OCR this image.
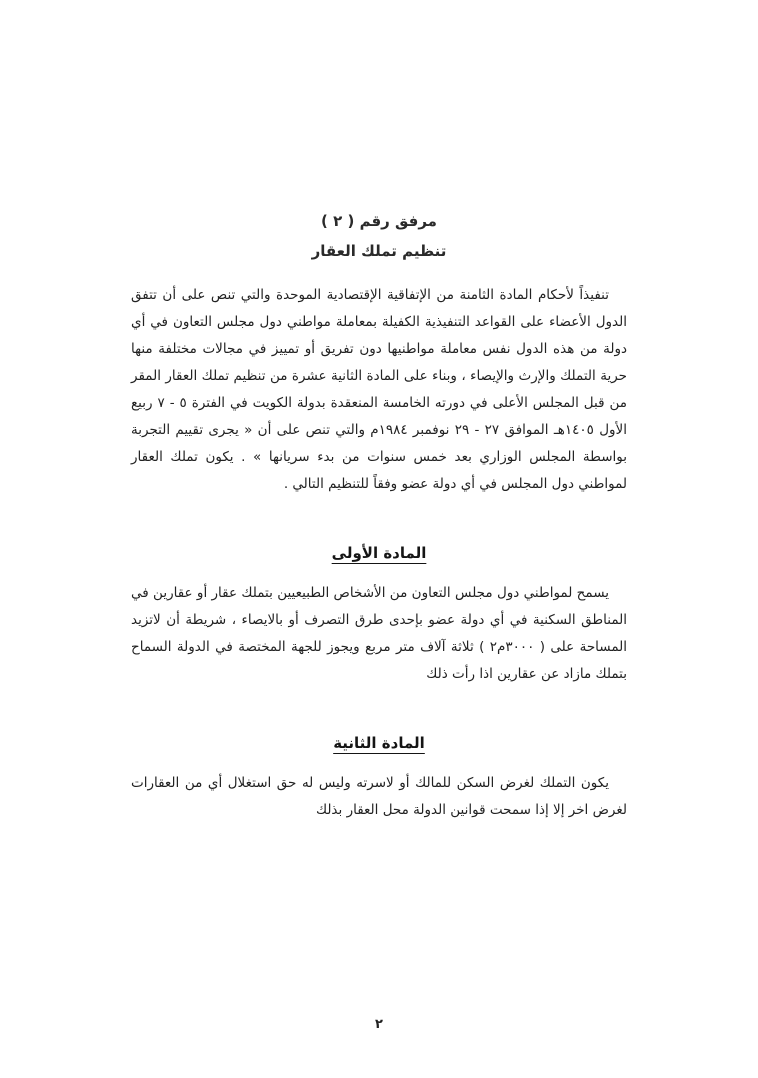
مرفق رقم ( ٢ )
تنظيم تملك العقار

تنفيذاً لأحكام المادة الثامنة من الإتفاقية الإقتصادية الموحدة والتي تنص على أن تتفق الدول الأعضاء على القواعد التنفيذية الكفيلة بمعاملة مواطني دول مجلس التعاون في أي دولة من هذه الدول نفس معاملة مواطنيها دون تفريق أو تمييز في مجالات مختلفة منها حرية التملك والإرث والإيصاء ، وبناء على المادة الثانية عشرة من تنظيم تملك العقار المقر من قبل المجلس الأعلى في دورته الخامسة المنعقدة بدولة الكويت في الفترة ٥ - ٧ ربيع الأول ١٤٠٥هـ الموافق ٢٧ - ٢٩ نوفمبر ١٩٨٤م والتي تنص على أن « يجرى تقييم التجربة بواسطة المجلس الوزاري بعد خمس سنوات من بدء سريانها » . يكون تملك العقار لمواطني دول المجلس في أي دولة عضو وفقاً للتنظيم التالي .

المادة الأولى

يسمح لمواطني دول مجلس التعاون من الأشخاص الطبيعيين بتملك عقار أو عقارين في المناطق السكنية في أي دولة عضو بإحدى طرق التصرف أو بالايصاء ، شريطة أن لاتزيد المساحة على ( ٣٠٠٠م٢ ) ثلاثة آلاف متر مربع ويجوز للجهة المختصة في الدولة السماح بتملك مازاد عن عقارين اذا رأت ذلك

المادة الثانية

يكون التملك لغرض السكن للمالك أو لاسرته وليس له حق استغلال أي من العقارات لغرض اخر إلا إذا سمحت قوانين الدولة محل العقار بذلك

٢
